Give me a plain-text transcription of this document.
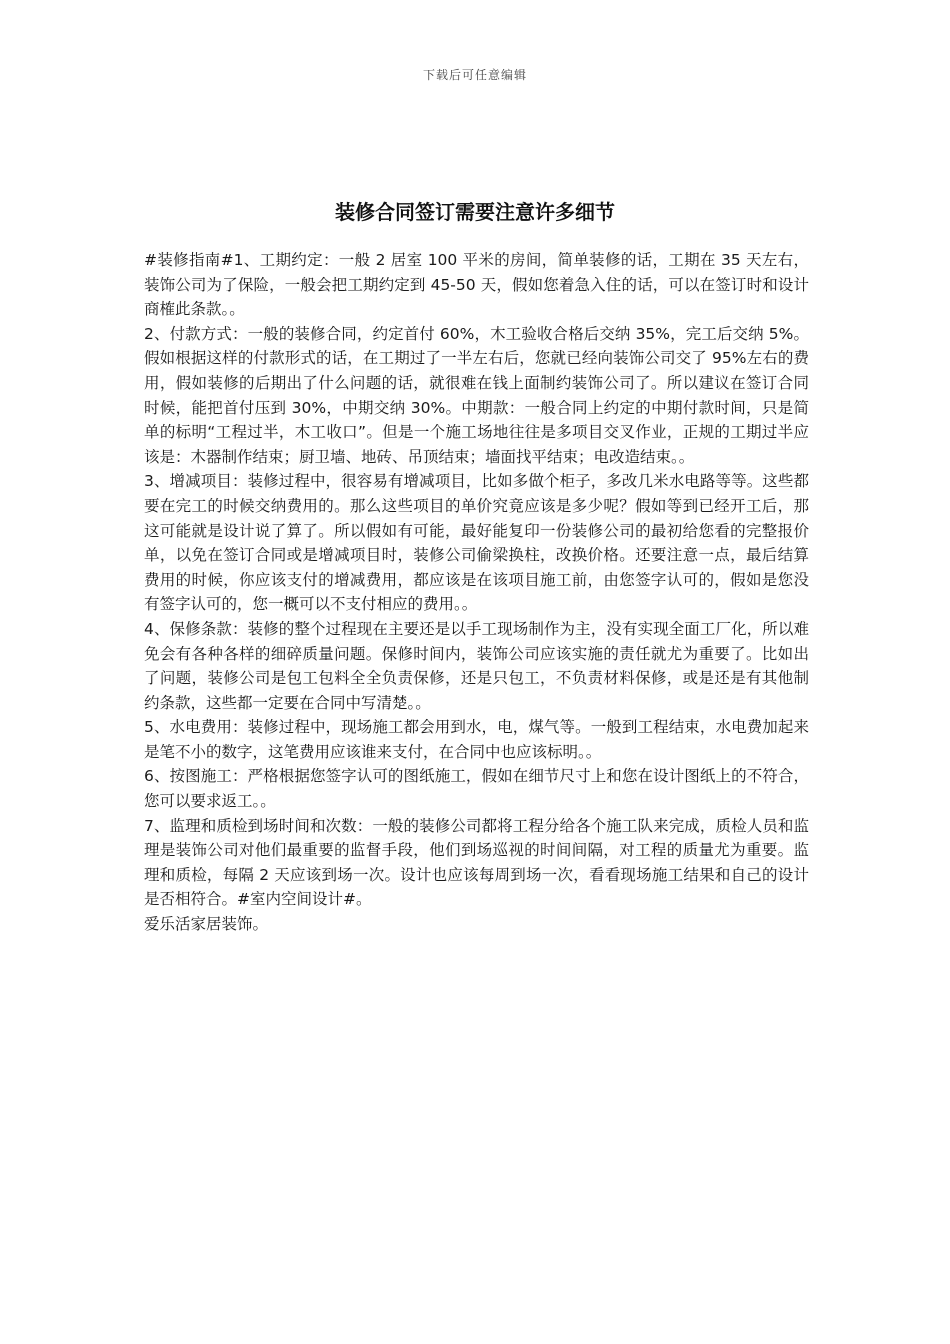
下载后可任意编辑
装修合同签订需要注意许多细节

#装修指南#1、工期约定：一般 2 居室 100 平米的房间，简单装修的话，工期在 35 天左右，装饰公司为了保险，一般会把工期约定到 45-50 天，假如您着急入住的话，可以在签订时和设计商榷此条款。。

2、付款方式：一般的装修合同，约定首付 60%，木工验收合格后交纳 35%，完工后交纳 5%。假如根据这样的付款形式的话，在工期过了一半左右后，您就已经向装饰公司交了 95%左右的费用，假如装修的后期出了什么问题的话，就很难在钱上面制约装饰公司了。所以建议在签订合同时候，能把首付压到 30%，中期交纳 30%。中期款：一般合同上约定的中期付款时间，只是简单的标明“工程过半，木工收口”。但是一个施工场地往往是多项目交叉作业，正规的工期过半应该是：木器制作结束；厨卫墙、地砖、吊顶结束；墙面找平结束；电改造结束。。

3、增减项目：装修过程中，很容易有增减项目，比如多做个柜子，多改几米水电路等等。这些都要在完工的时候交纳费用的。那么这些项目的单价究竟应该是多少呢？假如等到已经开工后，那这可能就是设计说了算了。所以假如有可能，最好能复印一份装修公司的最初给您看的完整报价单，以免在签订合同或是增减项目时，装修公司偷梁换柱，改换价格。还要注意一点，最后结算费用的时候，你应该支付的增减费用，都应该是在该项目施工前，由您签字认可的，假如是您没有签字认可的，您一概可以不支付相应的费用。。

4、保修条款：装修的整个过程现在主要还是以手工现场制作为主，没有实现全面工厂化，所以难免会有各种各样的细碎质量问题。保修时间内，装饰公司应该实施的责任就尤为重要了。比如出了问题，装修公司是包工包料全全负责保修，还是只包工，不负责材料保修，或是还是有其他制约条款，这些都一定要在合同中写清楚。。

5、水电费用：装修过程中，现场施工都会用到水，电，煤气等。一般到工程结束，水电费加起来是笔不小的数字，这笔费用应该谁来支付，在合同中也应该标明。。

6、按图施工：严格根据您签字认可的图纸施工，假如在细节尺寸上和您在设计图纸上的不符合，您可以要求返工。。

7、监理和质检到场时间和次数：一般的装修公司都将工程分给各个施工队来完成，质检人员和监理是装饰公司对他们最重要的监督手段，他们到场巡视的时间间隔，对工程的质量尤为重要。监理和质检，每隔 2 天应该到场一次。设计也应该每周到场一次，看看现场施工结果和自己的设计是否相符合。#室内空间设计#。

爱乐活家居装饰。
